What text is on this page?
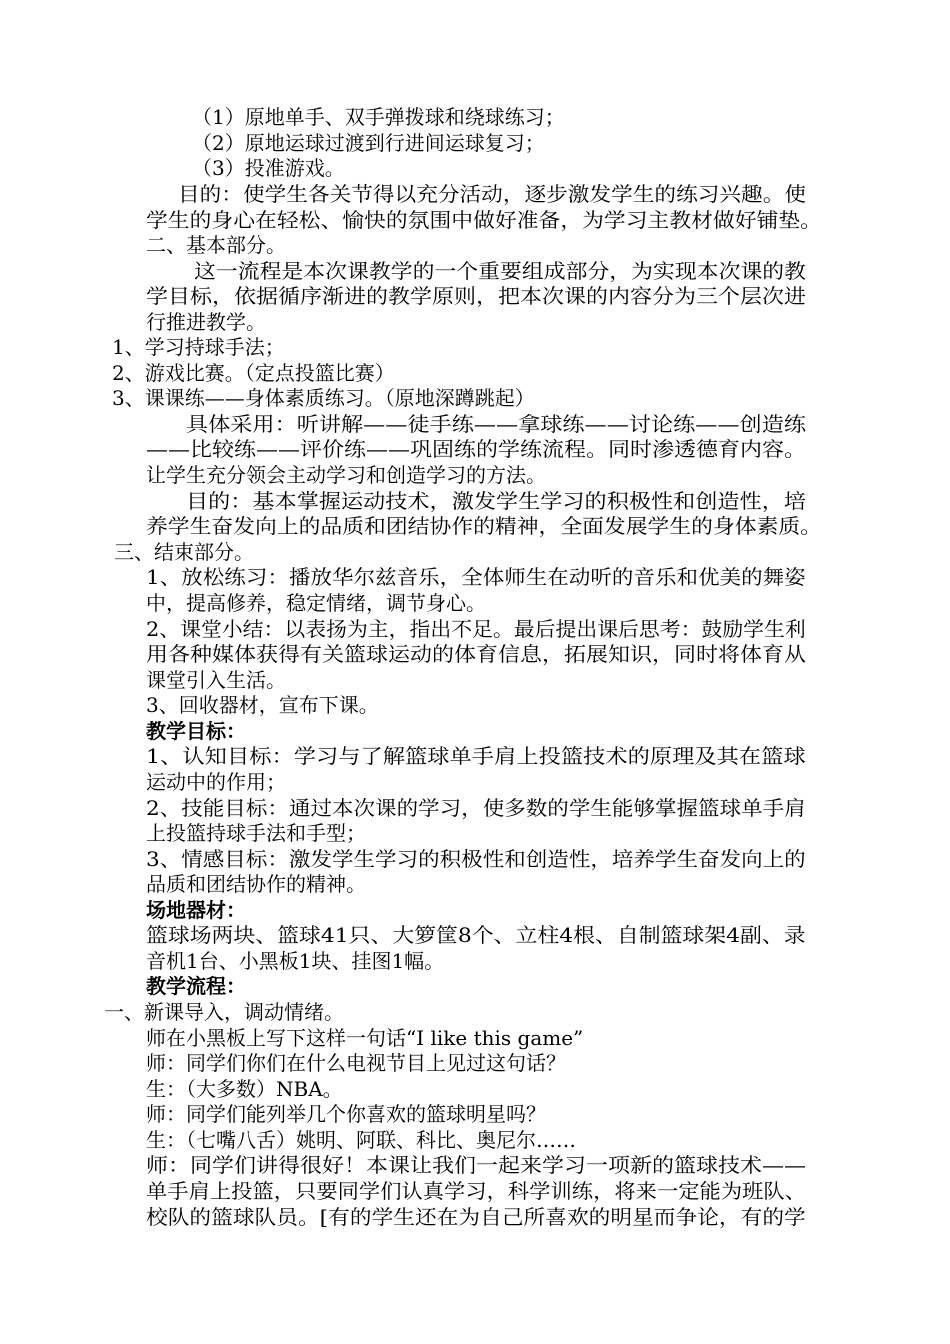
（1）原地单手、双手弹拨球和绕球练习；
（2）原地运球过渡到行进间运球复习；
（3）投准游戏。
目的：使学生各关节得以充分活动，逐步激发学生的练习兴趣。使
学生的身心在轻松、愉快的氛围中做好准备，为学习主教材做好铺垫。
二、基本部分。
这一流程是本次课教学的一个重要组成部分，为实现本次课的教
学目标，依据循序渐进的教学原则，把本次课的内容分为三个层次进
行推进教学。
1、学习持球手法；
2、游戏比赛。（定点投篮比赛）
3、课课练——身体素质练习。（原地深蹲跳起）
具体采用：听讲解——徒手练——拿球练——讨论练——创造练
——比较练——评价练——巩固练的学练流程。同时渗透德育内容。
让学生充分领会主动学习和创造学习的方法。
目的：基本掌握运动技术，激发学生学习的积极性和创造性，培
养学生奋发向上的品质和团结协作的精神，全面发展学生的身体素质。
三、结束部分。
1、放松练习：播放华尔兹音乐，全体师生在动听的音乐和优美的舞姿
中，提高修养，稳定情绪，调节身心。
2、课堂小结：以表扬为主，指出不足。最后提出课后思考：鼓励学生利
用各种媒体获得有关篮球运动的体育信息，拓展知识，同时将体育从
课堂引入生活。
3、回收器材，宣布下课。
教学目标：
1、认知目标：学习与了解篮球单手肩上投篮技术的原理及其在篮球
运动中的作用；
2、技能目标：通过本次课的学习，使多数的学生能够掌握篮球单手肩
上投篮持球手法和手型；
3、情感目标：激发学生学习的积极性和创造性，培养学生奋发向上的
品质和团结协作的精神。
场地器材：
篮球场两块、篮球41只、大箩筐8个、立柱4根、自制篮球架4副、录
音机1台、小黑板1块、挂图1幅。
教学流程：
一、新课导入，调动情绪。
师在小黑板上写下这样一句话“I like this game”
师：同学们你们在什么电视节目上见过这句话？
生：（大多数）NBA。
师：同学们能列举几个你喜欢的篮球明星吗？
生：（七嘴八舌）姚明、阿联、科比、奥尼尔……
师：同学们讲得很好！本课让我们一起来学习一项新的篮球技术——
单手肩上投篮，只要同学们认真学习，科学训练，将来一定能为班队、
校队的篮球队员。[有的学生还在为自己所喜欢的明星而争论，有的学
